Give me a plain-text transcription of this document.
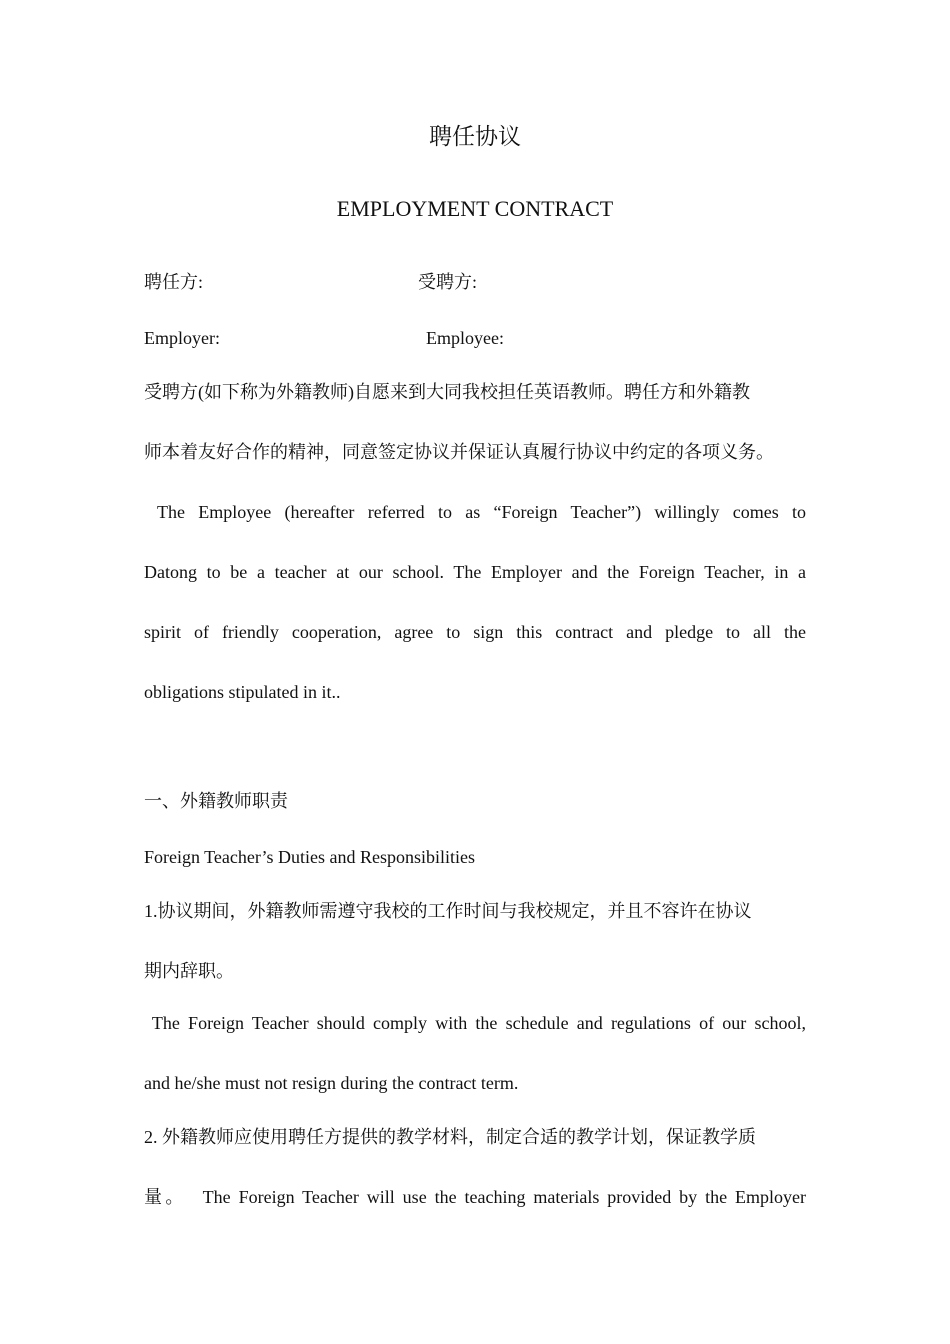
聘任协议
EMPLOYMENT CONTRACT
聘任方:	受聘方:
Employer:	Employee:
受聘方(如下称为外籍教师)自愿来到大同我校担任英语教师。聘任方和外籍教
师本着友好合作的精神，同意签定协议并保证认真履行协议中约定的各项义务。
The Employee (hereafter referred to as “Foreign Teacher”) willingly comes to
Datong to be a teacher at our school. The Employer and the Foreign Teacher, in a
spirit of friendly cooperation, agree to sign this contract and pledge to all the
obligations stipulated in it..
一、外籍教师职责
Foreign Teacher’s Duties and Responsibilities
1.协议期间，外籍教师需遵守我校的工作时间与我校规定，并且不容许在协议
期内辞职。
The Foreign Teacher should comply with the schedule and regulations of our school,
and he/she must not resign during the contract term.
2. 外籍教师应使用聘任方提供的教学材料，制定合适的教学计划，保证教学质
量。  The Foreign Teacher will use the teaching materials provided by the Employer
